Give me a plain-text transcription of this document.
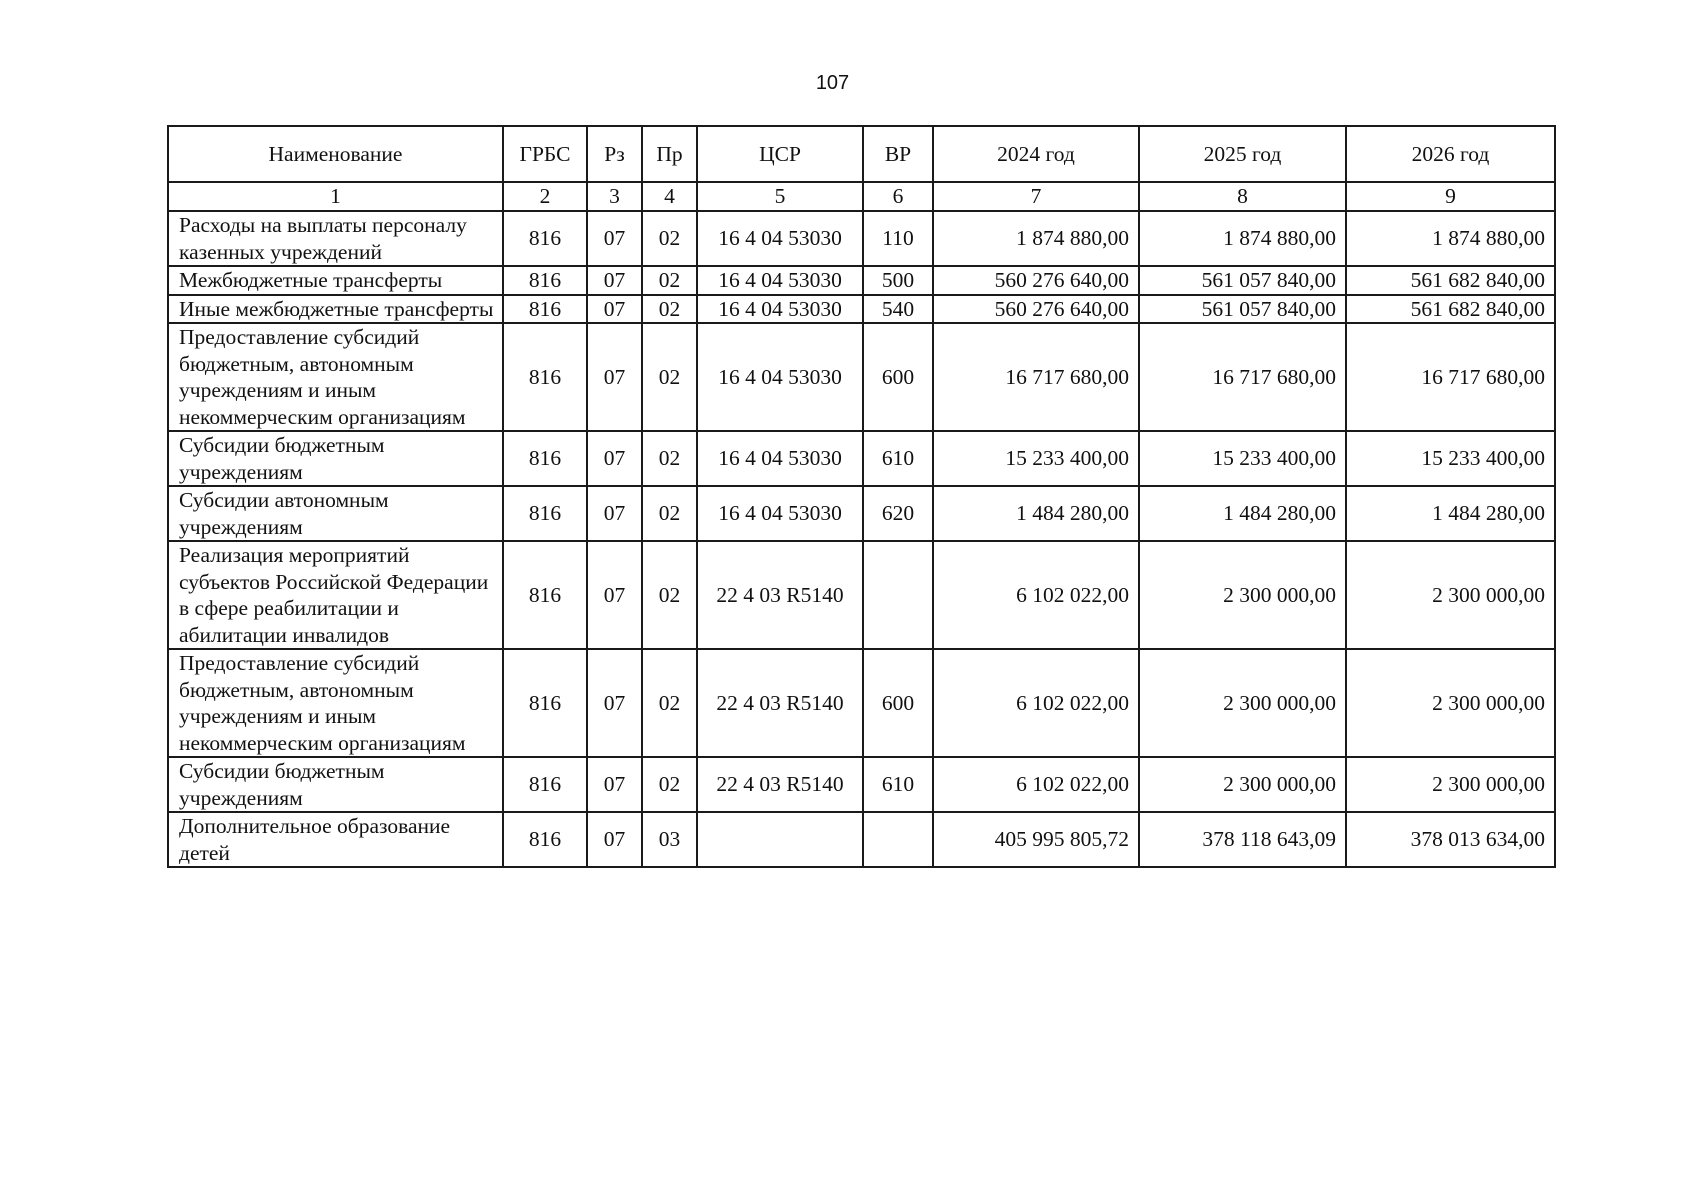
107
Наименование	ГРБС	Рз	Пр	ЦСР	ВР	2024 год	2025 год	2026 год
1	2	3	4	5	6	7	8	9
Расходы на выплаты персоналу казенных учреждений	816	07	02	16 4 04 53030	110	1 874 880,00	1 874 880,00	1 874 880,00
Межбюджетные трансферты	816	07	02	16 4 04 53030	500	560 276 640,00	561 057 840,00	561 682 840,00
Иные межбюджетные трансферты	816	07	02	16 4 04 53030	540	560 276 640,00	561 057 840,00	561 682 840,00
Предоставление субсидий бюджетным, автономным учреждениям и иным некоммерческим организациям	816	07	02	16 4 04 53030	600	16 717 680,00	16 717 680,00	16 717 680,00
Субсидии бюджетным учреждениям	816	07	02	16 4 04 53030	610	15 233 400,00	15 233 400,00	15 233 400,00
Субсидии автономным учреждениям	816	07	02	16 4 04 53030	620	1 484 280,00	1 484 280,00	1 484 280,00
Реализация мероприятий субъектов Российской Федерации в сфере реабилитации и абилитации инвалидов	816	07	02	22 4 03 R5140		6 102 022,00	2 300 000,00	2 300 000,00
Предоставление субсидий бюджетным, автономным учреждениям и иным некоммерческим организациям	816	07	02	22 4 03 R5140	600	6 102 022,00	2 300 000,00	2 300 000,00
Субсидии бюджетным учреждениям	816	07	02	22 4 03 R5140	610	6 102 022,00	2 300 000,00	2 300 000,00
Дополнительное образование детей	816	07	03			405 995 805,72	378 118 643,09	378 013 634,00
